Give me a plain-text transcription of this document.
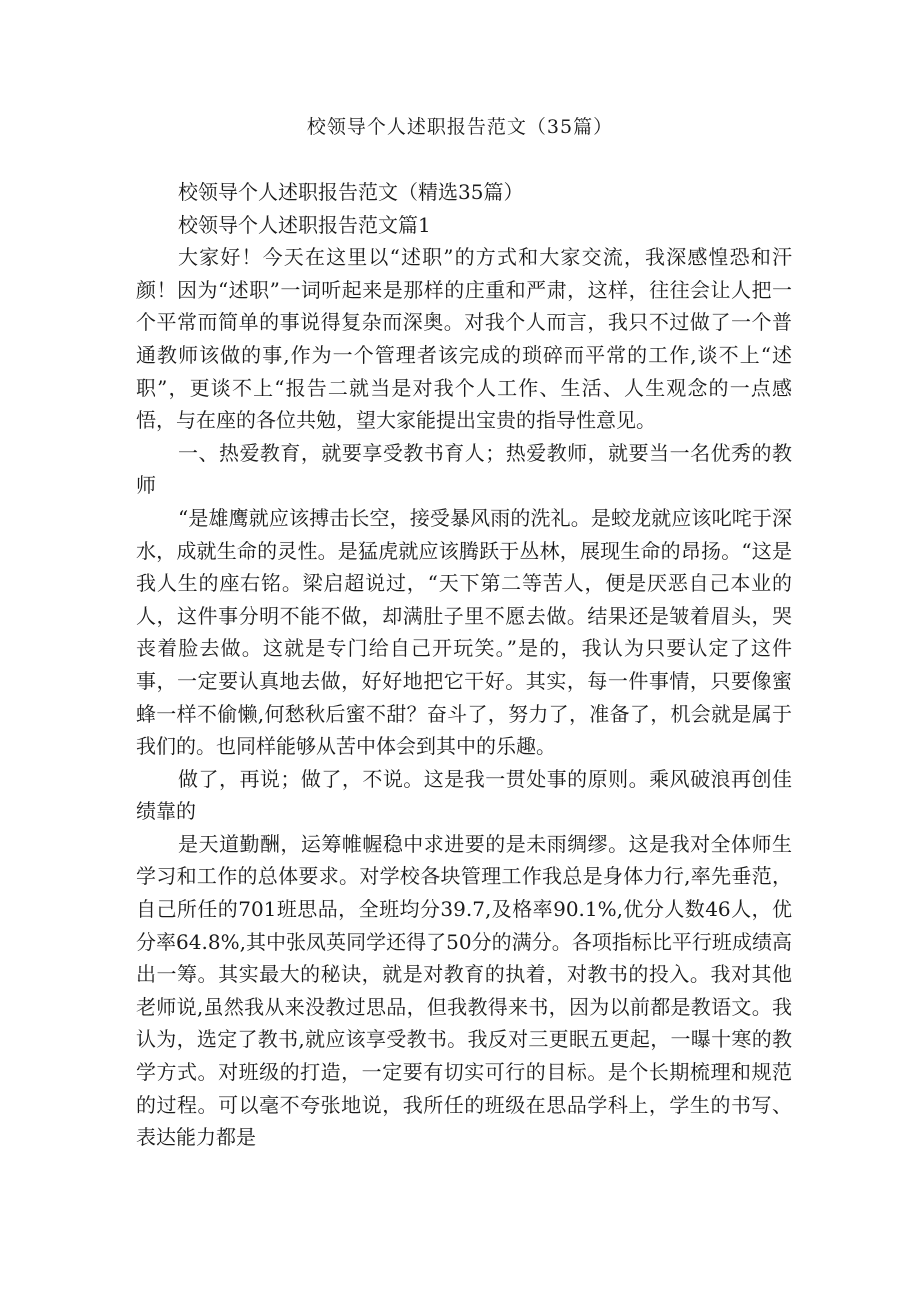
校领导个人述职报告范文（35篇）

校领导个人述职报告范文（精选35篇）

校领导个人述职报告范文篇1

大家好！今天在这里以“述职”的方式和大家交流，我深感惶恐和汗颜！因为“述职”一词听起来是那样的庄重和严肃，这样，往往会让人把一个平常而简单的事说得复杂而深奥。对我个人而言，我只不过做了一个普通教师该做的事,作为一个管理者该完成的琐碎而平常的工作,谈不上“述职”，更谈不上“报告二就当是对我个人工作、生活、人生观念的一点感悟，与在座的各位共勉，望大家能提出宝贵的指导性意见。

一、热爱教育，就要享受教书育人；热爱教师，就要当一名优秀的教师

“是雄鹰就应该搏击长空，接受暴风雨的洗礼。是蛟龙就应该叱咤于深水，成就生命的灵性。是猛虎就应该腾跃于丛林，展现生命的昂扬。“这是我人生的座右铭。梁启超说过，“天下第二等苦人，便是厌恶自己本业的人，这件事分明不能不做，却满肚子里不愿去做。结果还是皱着眉头，哭丧着脸去做。这就是专门给自己开玩笑。”是的，我认为只要认定了这件事，一定要认真地去做，好好地把它干好。其实，每一件事情，只要像蜜蜂一样不偷懒,何愁秋后蜜不甜？奋斗了，努力了，准备了，机会就是属于我们的。也同样能够从苦中体会到其中的乐趣。

做了，再说；做了，不说。这是我一贯处事的原则。乘风破浪再创佳绩靠的

是天道勤酬，运筹帷幄稳中求进要的是未雨绸缪。这是我对全体师生学习和工作的总体要求。对学校各块管理工作我总是身体力行,率先垂范，自己所任的701班思品，全班均分39.7,及格率90.1%,优分人数46人，优分率64.8%,其中张凤英同学还得了50分的满分。各项指标比平行班成绩高出一筹。其实最大的秘诀，就是对教育的执着，对教书的投入。我对其他老师说,虽然我从来没教过思品，但我教得来书，因为以前都是教语文。我认为，选定了教书,就应该享受教书。我反对三更眠五更起，一曝十寒的教学方式。对班级的打造，一定要有切实可行的目标。是个长期梳理和规范的过程。可以毫不夸张地说，我所任的班级在思品学科上，学生的书写、表达能力都是
